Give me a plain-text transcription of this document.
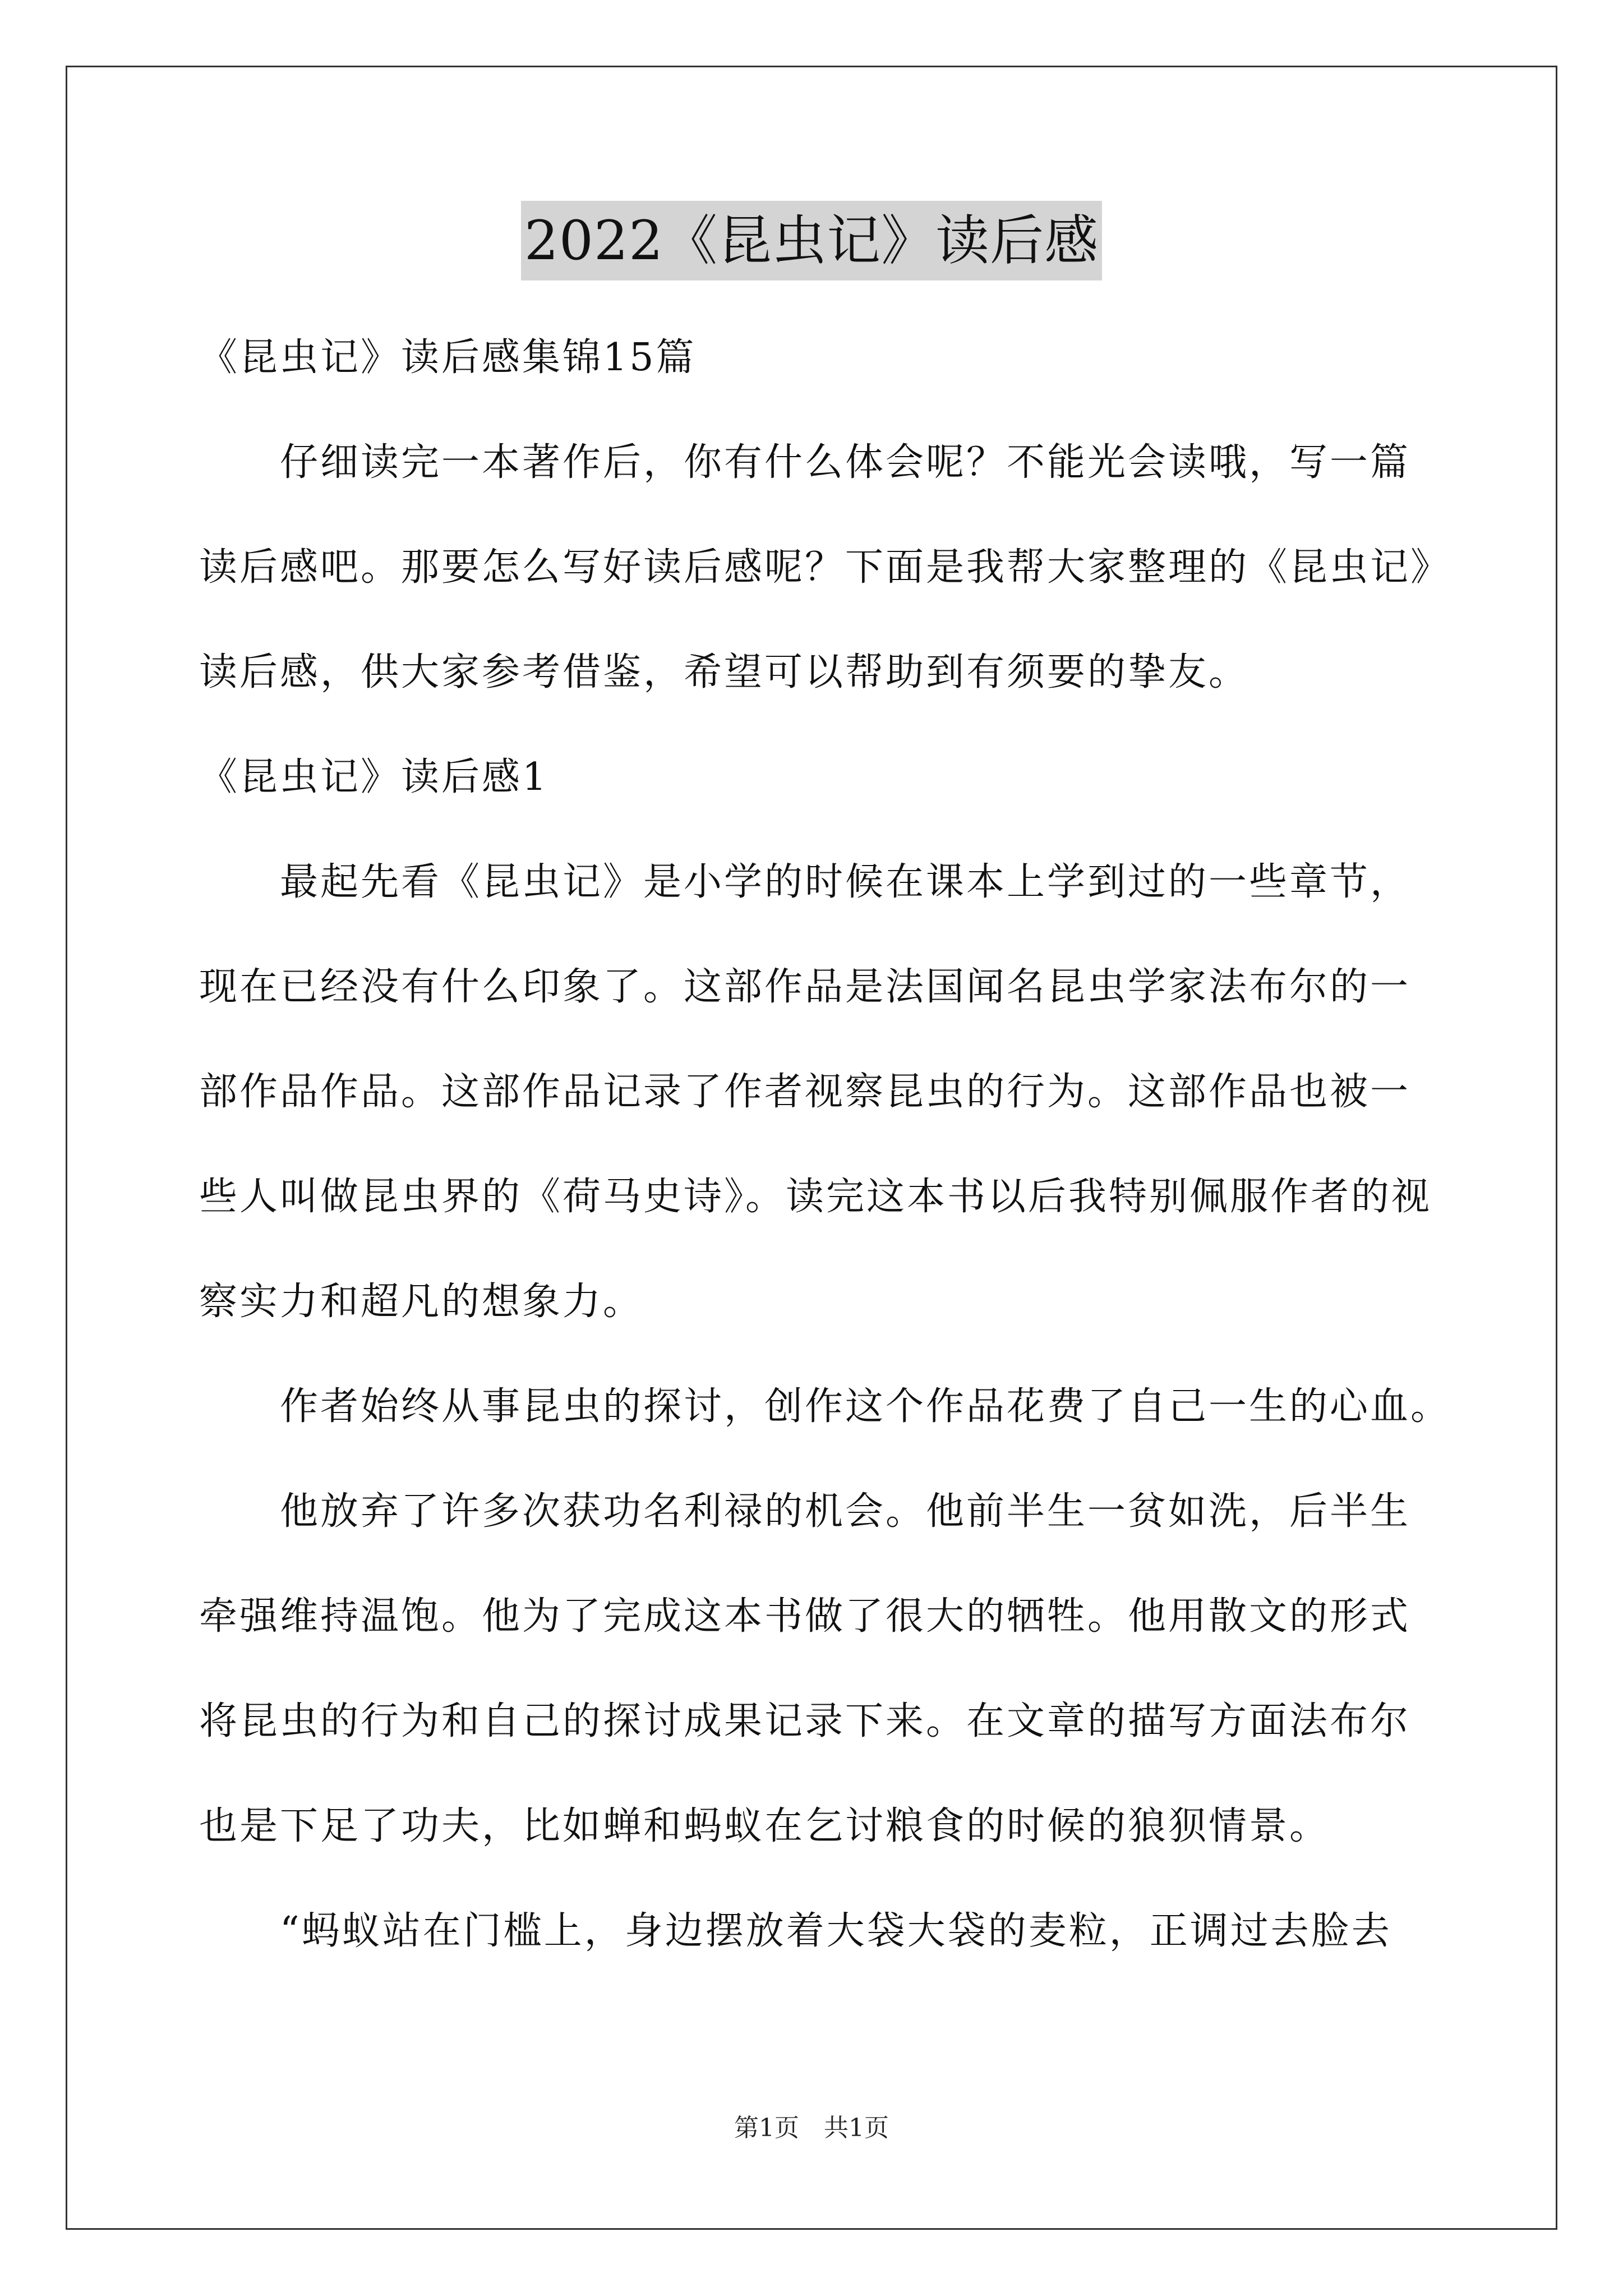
2022《昆虫记》读后感
《昆虫记》读后感集锦15篇
　　仔细读完一本著作后，你有什么体会呢？不能光会读哦，写一篇
读后感吧。那要怎么写好读后感呢？下面是我帮大家整理的《昆虫记》
读后感，供大家参考借鉴，希望可以帮助到有须要的挚友。
《昆虫记》读后感1
　　最起先看《昆虫记》是小学的时候在课本上学到过的一些章节，
现在已经没有什么印象了。这部作品是法国闻名昆虫学家法布尔的一
部作品作品。这部作品记录了作者视察昆虫的行为。这部作品也被一
些人叫做昆虫界的《荷马史诗》。读完这本书以后我特别佩服作者的视
察实力和超凡的想象力。
　　作者始终从事昆虫的探讨，创作这个作品花费了自己一生的心血。
　　他放弃了许多次获功名利禄的机会。他前半生一贫如洗，后半生
牵强维持温饱。他为了完成这本书做了很大的牺牲。他用散文的形式
将昆虫的行为和自己的探讨成果记录下来。在文章的描写方面法布尔
也是下足了功夫，比如蝉和蚂蚁在乞讨粮食的时候的狼狈情景。
　　“蚂蚁站在门槛上，身边摆放着大袋大袋的麦粒，正调过去脸去
第1页　共1页
